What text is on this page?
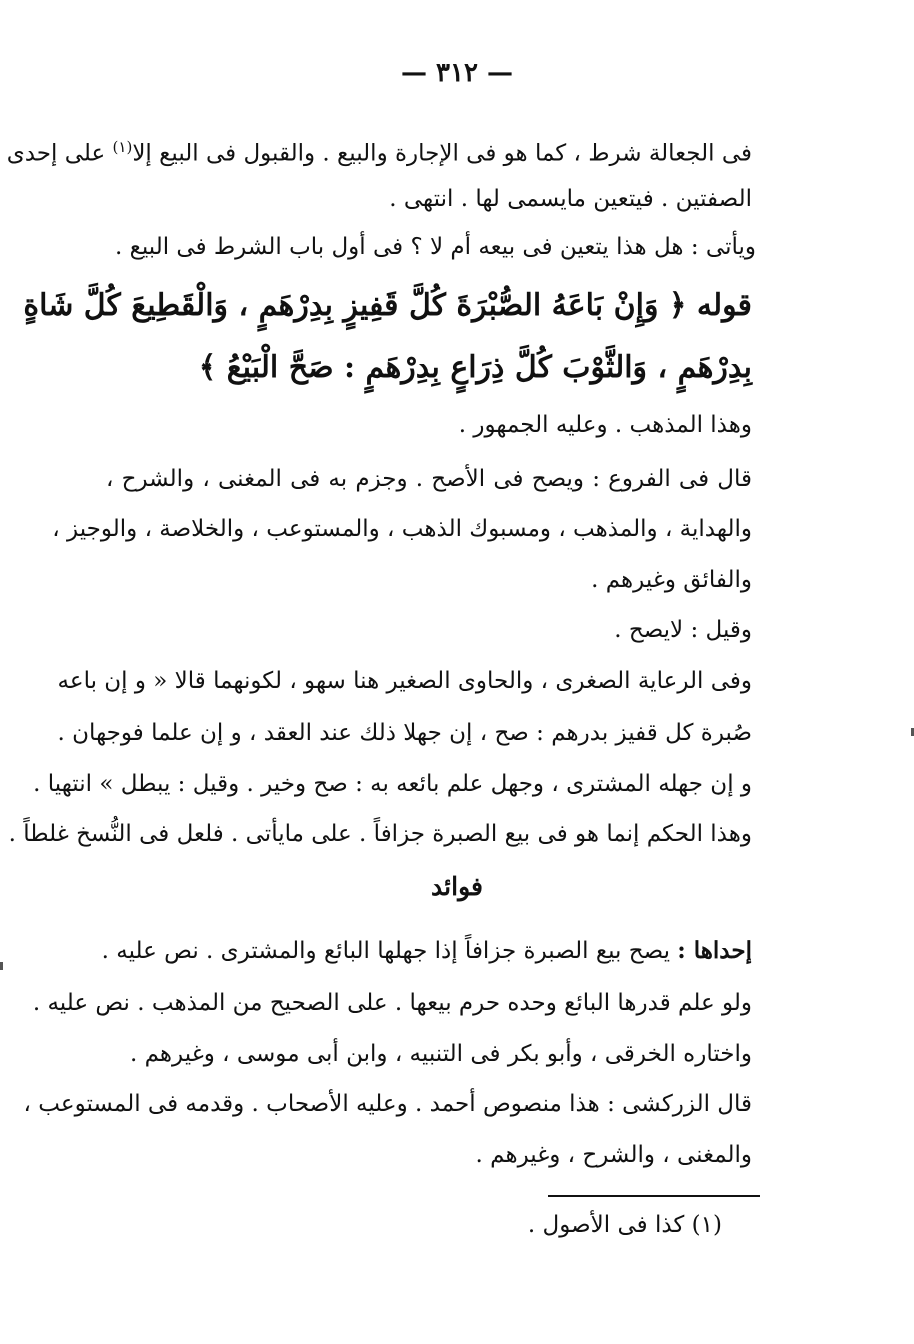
— ٣١٢ —
فى الجعالة شرط ، كما هو فى الإجارة والبيع . والقبول فى البيع إلا$^{(١)}$ على إحدى
الصفتين . فيتعين مايسمى لها . انتهى .
ويأتى : هل هذا يتعين فى بيعه أم لا ؟ فى أول باب الشرط فى البيع .
قوله ﴿ وَإِنْ بَاعَهُ الصُّبْرَةَ كُلَّ قَفِيزٍ بِدِرْهَمٍ ، وَالْقَطِيعَ كُلَّ شَاةٍ
بِدِرْهَمٍ ، وَالثَّوْبَ كُلَّ ذِرَاعٍ بِدِرْهَمٍ : صَحَّ الْبَيْعُ ﴾
وهذا المذهب . وعليه الجمهور .
قال فى الفروع : ويصح فى الأصح . وجزم به فى المغنى ، والشرح ،
والهداية ، والمذهب ، ومسبوك الذهب ، والمستوعب ، والخلاصة ، والوجيز ،
والفائق وغيرهم .
وقيل : لايصح .
وفى الرعاية الصغرى ، والحاوى الصغير هنا سهو ، لكونهما قالا « و إن باعه
صُبرة كل قفيز بدرهم : صح ، إن جهلا ذلك عند العقد ، و إن علما فوجهان .
و إن جهله المشترى ، وجهل علم بائعه به : صح وخير . وقيل : يبطل » انتهيا .
وهذا الحكم إنما هو فى بيع الصبرة جزافاً . على مايأتى . فلعل فى النُّسخ غلطاً .
فوائد
إحداها : يصح بيع الصبرة جزافاً إذا جهلها البائع والمشترى . نص عليه .
ولو علم قدرها البائع وحده حرم بيعها . على الصحيح من المذهب . نص عليه .
واختاره الخرقى ، وأبو بكر فى التنبيه ، وابن أبى موسى ، وغيرهم .
قال الزركشى : هذا منصوص أحمد . وعليه الأصحاب . وقدمه فى المستوعب ،
والمغنى ، والشرح ، وغيرهم .
(١) كذا فى الأصول .
